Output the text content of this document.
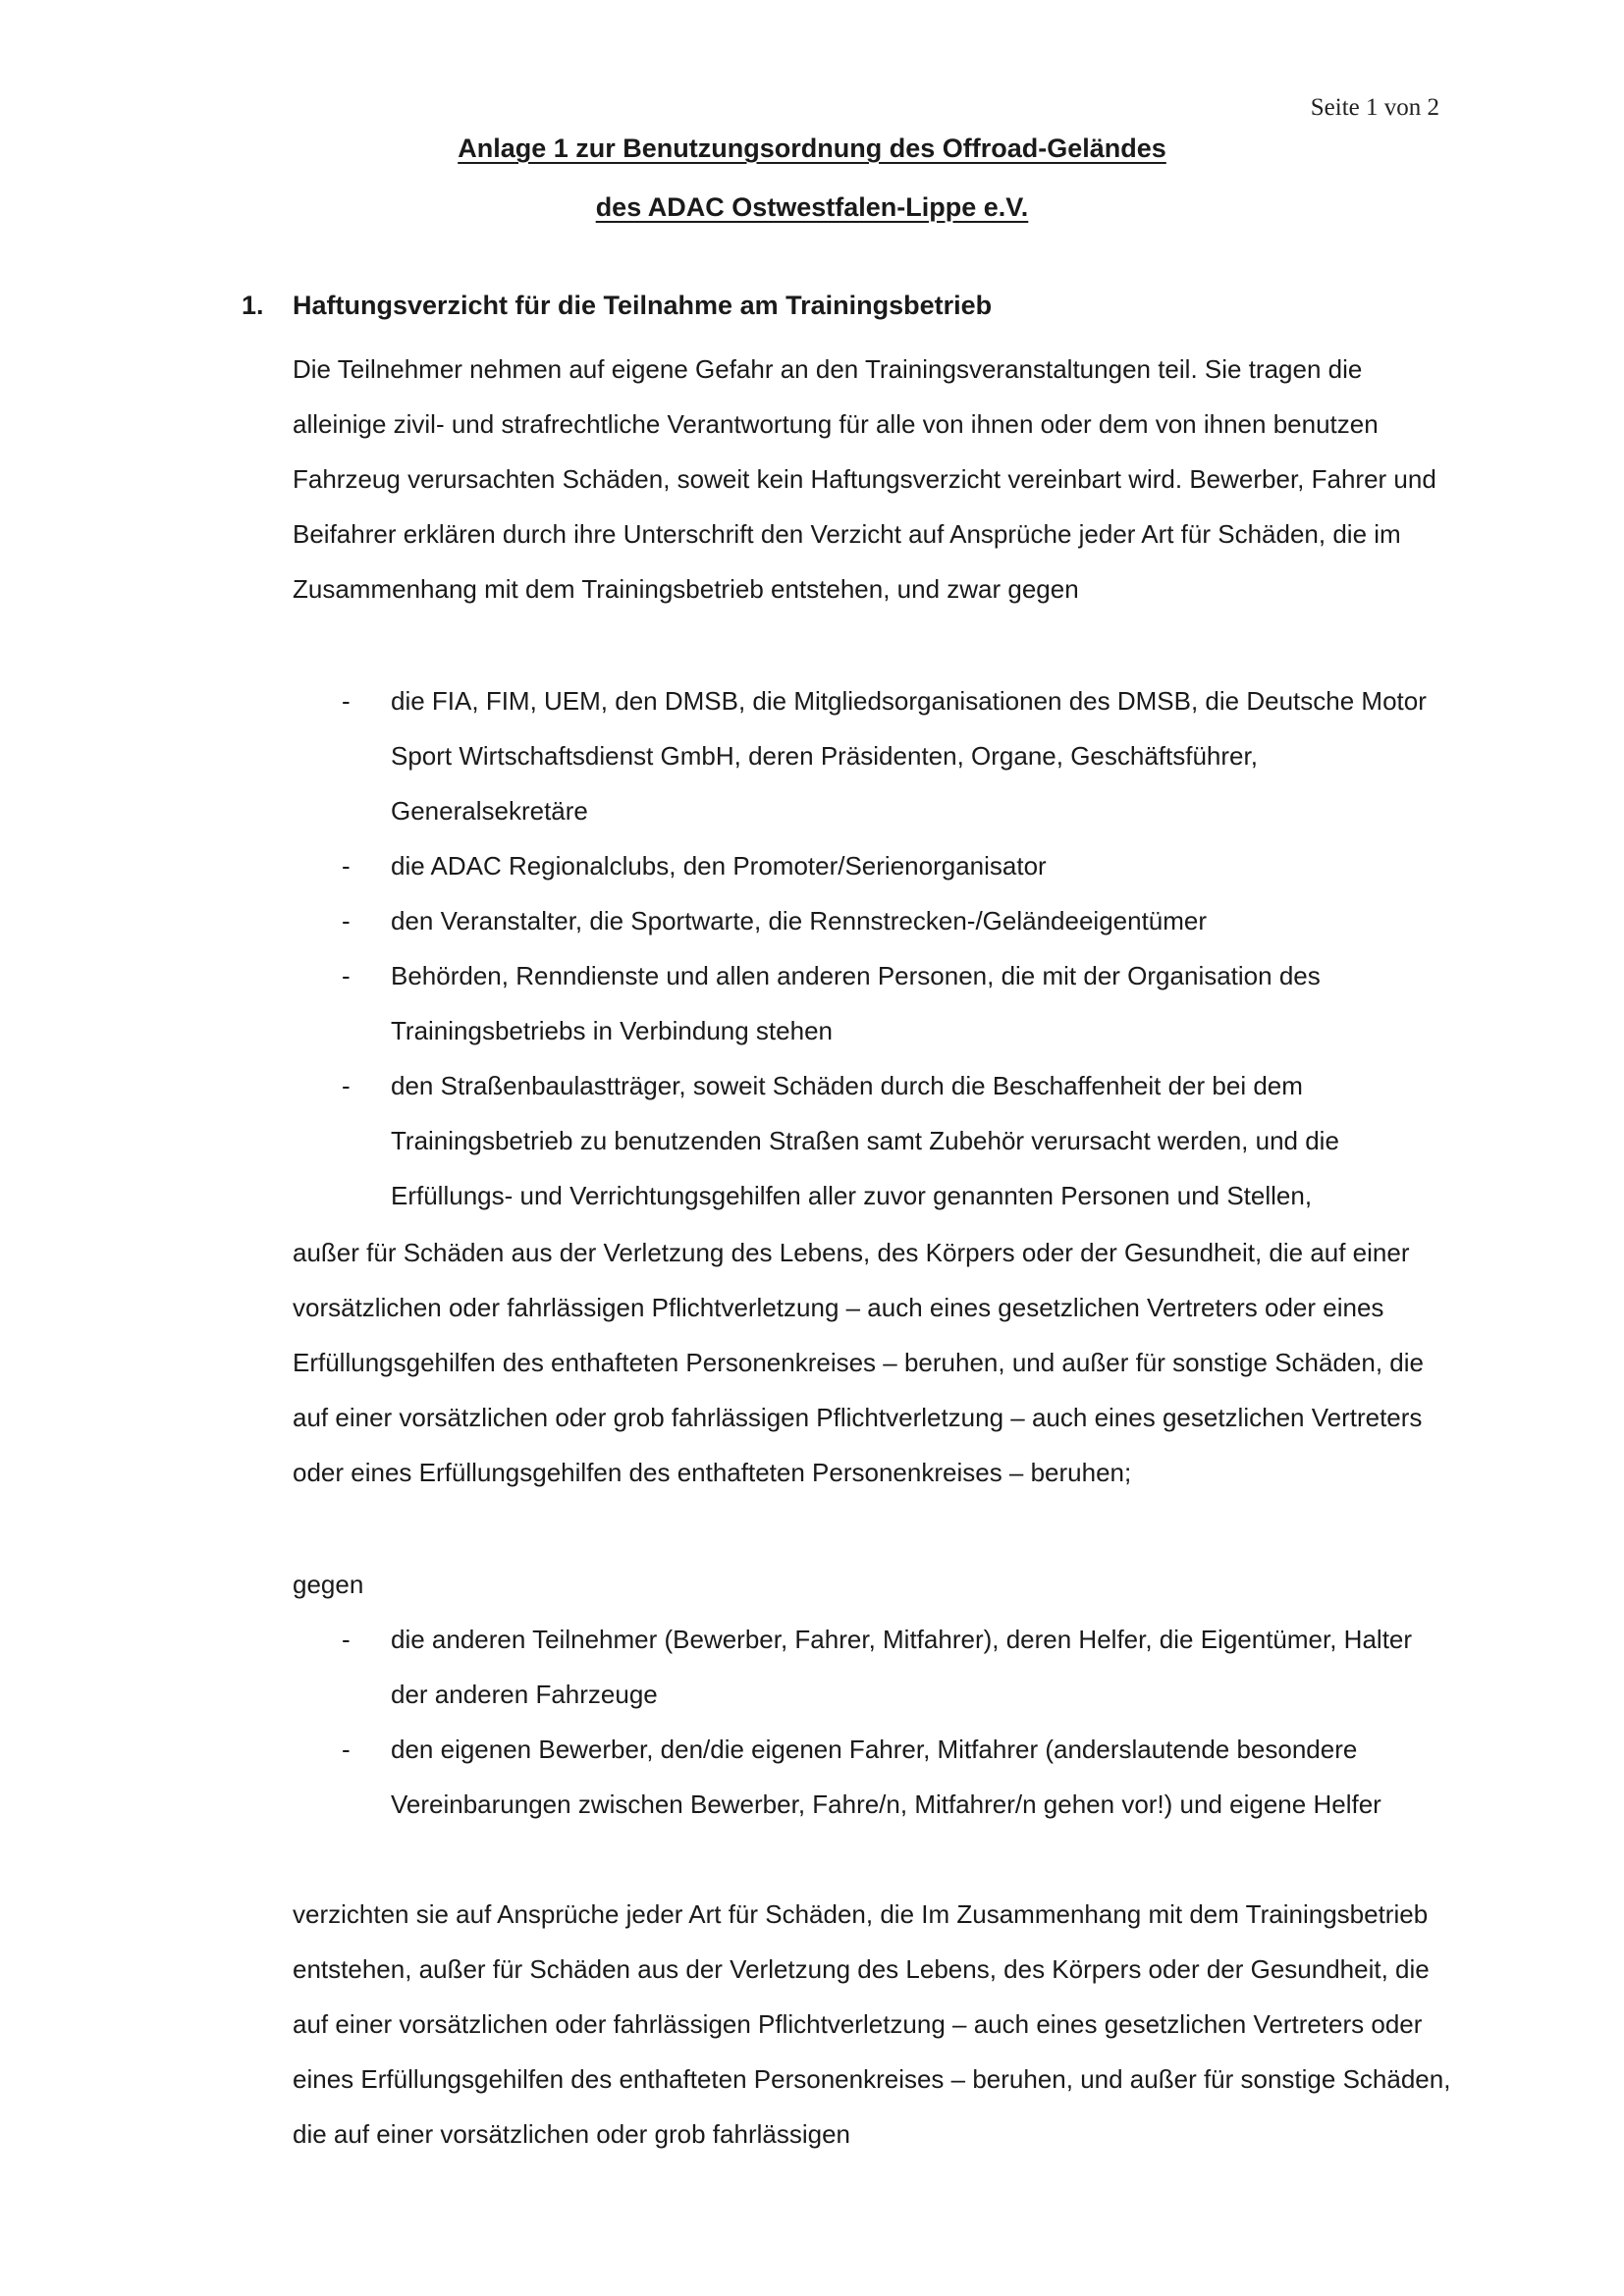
Seite 1 von 2
Anlage 1 zur Benutzungsordnung des Offroad-Geländes
des ADAC Ostwestfalen-Lippe e.V.
1. Haftungsverzicht für die Teilnahme am Trainingsbetrieb

Die Teilnehmer nehmen auf eigene Gefahr an den Trainingsveranstaltungen teil. Sie tragen die alleinige zivil- und strafrechtliche Verantwortung für alle von ihnen oder dem von ihnen benutzen Fahrzeug verursachten Schäden, soweit kein Haftungsverzicht vereinbart wird. Bewerber, Fahrer und Beifahrer erklären durch ihre Unterschrift den Verzicht auf Ansprüche jeder Art für Schäden, die im Zusammenhang mit dem Trainingsbetrieb entstehen, und zwar gegen

- die FIA, FIM, UEM, den DMSB, die Mitgliedsorganisationen des DMSB, die Deutsche Motor Sport Wirtschaftsdienst GmbH, deren Präsidenten, Organe, Geschäftsführer, Generalsekretäre
- die ADAC Regionalclubs, den Promoter/Serienorganisator
- den Veranstalter, die Sportwarte, die Rennstrecken-/Geländeeigentümer
- Behörden, Renndienste und allen anderen Personen, die mit der Organisation des Trainingsbetriebs in Verbindung stehen
- den Straßenbaulastträger, soweit Schäden durch die Beschaffenheit der bei dem Trainingsbetrieb zu benutzenden Straßen samt Zubehör verursacht werden, und die Erfüllungs- und Verrichtungsgehilfen aller zuvor genannten Personen und Stellen,

außer für Schäden aus der Verletzung des Lebens, des Körpers oder der Gesundheit, die auf einer vorsätzlichen oder fahrlässigen Pflichtverletzung – auch eines gesetzlichen Vertreters oder eines Erfüllungsgehilfen des enthafteten Personenkreises – beruhen, und außer für sonstige Schäden, die auf einer vorsätzlichen oder grob fahrlässigen Pflichtverletzung – auch eines gesetzlichen Vertreters oder eines Erfüllungsgehilfen des enthafteten Personenkreises – beruhen;

gegen

- die anderen Teilnehmer (Bewerber, Fahrer, Mitfahrer), deren Helfer, die Eigentümer, Halter der anderen Fahrzeuge
- den eigenen Bewerber, den/die eigenen Fahrer, Mitfahrer (anderslautende besondere Vereinbarungen zwischen Bewerber, Fahre/n, Mitfahrer/n gehen vor!) und eigene Helfer

verzichten sie auf Ansprüche jeder Art für Schäden, die Im Zusammenhang mit dem Trainingsbetrieb entstehen, außer für Schäden aus der Verletzung des Lebens, des Körpers oder der Gesundheit, die auf einer vorsätzlichen oder fahrlässigen Pflichtverletzung – auch eines gesetzlichen Vertreters oder eines Erfüllungsgehilfen des enthafteten Personenkreises – beruhen, und außer für sonstige Schäden, die auf einer vorsätzlichen oder grob fahrlässigen
